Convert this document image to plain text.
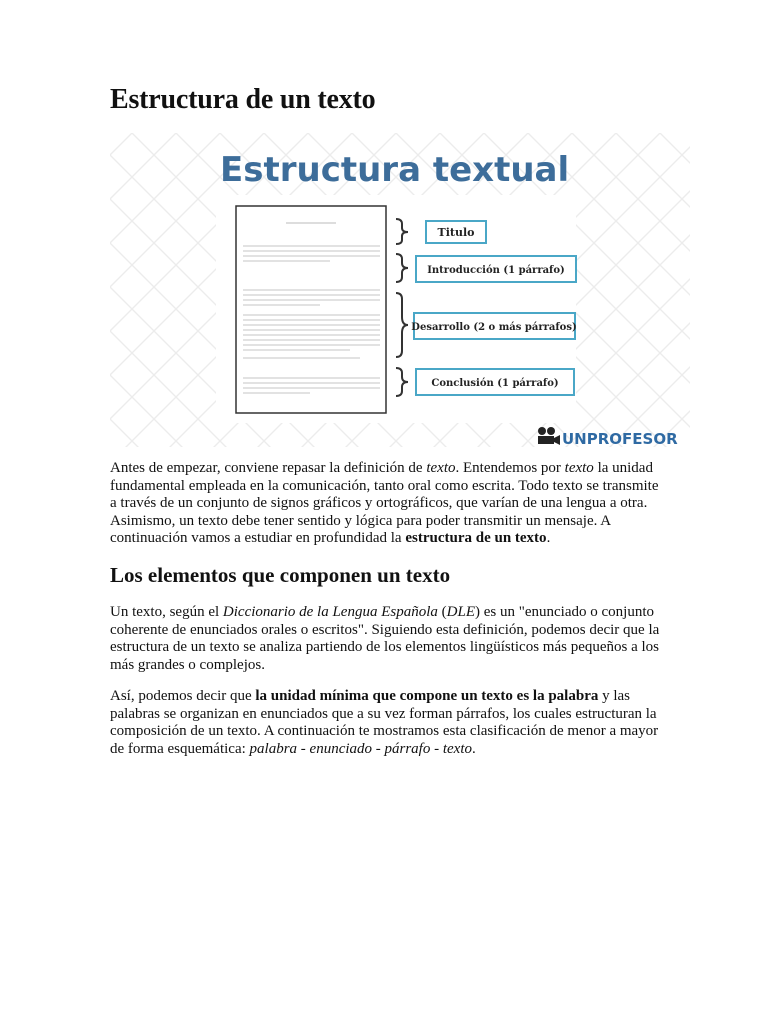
Estructura de un texto
Estructura textual
Titulo
Introducción (1 párrafo)
Desarrollo (2 o más párrafos)
Conclusión (1 párrafo)
UNPROFESOR

Antes de empezar, conviene repasar la definición de texto. Entendemos por texto la unidad fundamental empleada en la comunicación, tanto oral como escrita. Todo texto se transmite a través de un conjunto de signos gráficos y ortográficos, que varían de una lengua a otra. Asimismo, un texto debe tener sentido y lógica para poder transmitir un mensaje. A continuación vamos a estudiar en profundidad la estructura de un texto.

Los elementos que componen un texto

Un texto, según el Diccionario de la Lengua Española (DLE) es un "enunciado o conjunto coherente de enunciados orales o escritos". Siguiendo esta definición, podemos decir que la estructura de un texto se analiza partiendo de los elementos lingüísticos más pequeños a los más grandes o complejos.

Así, podemos decir que la unidad mínima que compone un texto es la palabra y las palabras se organizan en enunciados que a su vez forman párrafos, los cuales estructuran la composición de un texto. A continuación te mostramos esta clasificación de menor a mayor de forma esquemática: palabra - enunciado - párrafo - texto.
